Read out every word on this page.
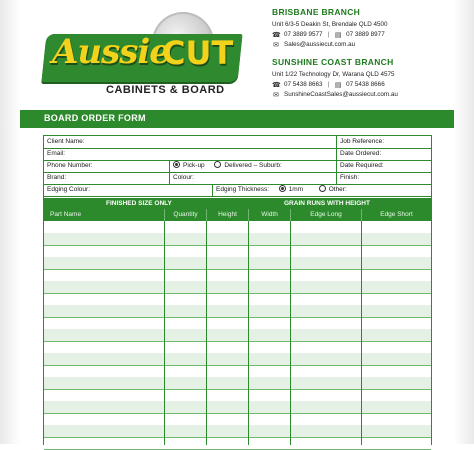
Aussie
CUT
CABINETS & BOARD
BRISBANE BRANCH
Unit 6/3-5 Deakin St, Brendale QLD 4500
☎ 07 3889 9577 | ▤ 07 3889 8977
✉ Sales@aussiecut.com.au
SUNSHINE COAST BRANCH
Unit 1/22 Technology Dr, Warana QLD 4575
☎ 07 5438 8663 | ▤ 07 5438 8666
✉ SunshineCoastSales@aussiecut.com.au
BOARD ORDER FORM
Client Name:	Job Reference:
Email:	Date Ordered:
Phone Number:	Pick-up	Delivered – Suburb:	Date Required:
Brand:	Colour:	Finish:
Edging Colour:	Edging Thickness:	1mm	Other:
FINISHED SIZE ONLY	GRAIN RUNS WITH HEIGHT
Part Name	Quantity	Height	Width	Edge Long	Edge Short
